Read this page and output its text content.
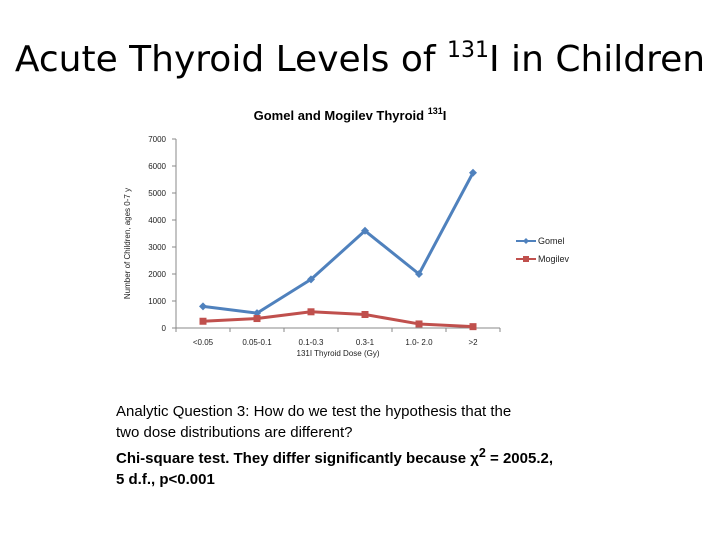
Acute Thyroid Levels of $^{131}$I in Children
Gomel and Mogilev Thyroid $^{131}$I
0
1000
2000
3000
4000
5000
6000
7000
<0.05	0.05-0.1	0.1-0.3	0.3-1	1.0- 2.0	>2
Gomel
Mogilev
131I Thyroid Dose (Gy)
Number of Children, ages 0-7 y
Analytic Question 3: How do we test the hypothesis that the
two dose distributions are different?
Chi-square test. They differ significantly because $\chi^2 = 2005.2$,
5 d.f., p<0.001
